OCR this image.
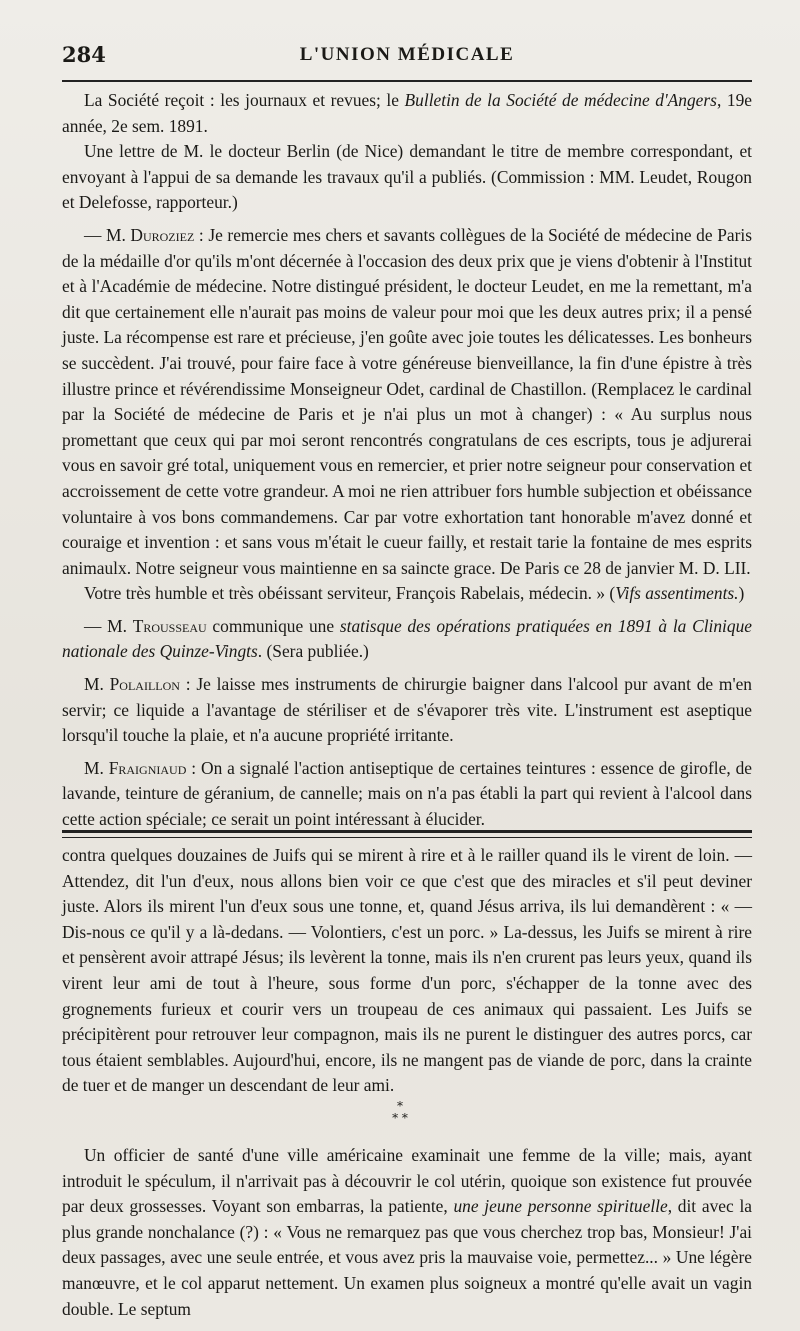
284	L'UNION MÉDICALE

La Société reçoit : les journaux et revues; le Bulletin de la Société de médecine d'Angers, 19e année, 2e sem. 1891.

Une lettre de M. le docteur Berlin (de Nice) demandant le titre de membre correspondant, et envoyant à l'appui de sa demande les travaux qu'il a publiés. (Commission : MM. Leudet, Rougon et Delefosse, rapporteur.)

— M. Duroziez : Je remercie mes chers et savants collègues de la Société de médecine de Paris de la médaille d'or qu'ils m'ont décernée à l'occasion des deux prix que je viens d'obtenir à l'Institut et à l'Académie de médecine. Notre distingué président, le docteur Leudet, en me la remettant, m'a dit que certainement elle n'aurait pas moins de valeur pour moi que les deux autres prix; il a pensé juste. La récompense est rare et précieuse, j'en goûte avec joie toutes les délicatesses. Les bonheurs se succèdent. J'ai trouvé, pour faire face à votre généreuse bienveillance, la fin d'une épistre à très illustre prince et révérendissime Monseigneur Odet, cardinal de Chastillon. (Remplacez le cardinal par la Société de médecine de Paris et je n'ai plus un mot à changer) : « Au surplus nous promettant que ceux qui par moi seront rencontrés congratulans de ces escripts, tous je adjurerai vous en savoir gré total, uniquement vous en remercier, et prier notre seigneur pour conservation et accroissement de cette votre grandeur. A moi ne rien attribuer fors humble subjection et obéissance voluntaire à vos bons commandemens. Car par votre exhortation tant honorable m'avez donné et couraige et invention : et sans vous m'était le cueur failly, et restait tarie la fontaine de mes esprits animaulx. Notre seigneur vous maintienne en sa saincte grace. De Paris ce 28 de janvier M. D. LII.

Votre très humble et très obéissant serviteur, François Rabelais, médecin. » (Vifs assentiments.)

— M. Trousseau communique une statisque des opérations pratiquées en 1891 à la Clinique nationale des Quinze-Vingts. (Sera publiée.)

M. Polaillon : Je laisse mes instruments de chirurgie baigner dans l'alcool pur avant de m'en servir; ce liquide a l'avantage de stériliser et de s'évaporer très vite. L'instrument est aseptique lorsqu'il touche la plaie, et n'a aucune propriété irritante.

M. Fraigniaud : On a signalé l'action antiseptique de certaines teintures : essence de girofle, de lavande, teinture de géranium, de cannelle; mais on n'a pas établi la part qui revient à l'alcool dans cette action spéciale; ce serait un point intéressant à élucider.

contra quelques douzaines de Juifs qui se mirent à rire et à le railler quand ils le virent de loin. — Attendez, dit l'un d'eux, nous allons bien voir ce que c'est que des miracles et s'il peut deviner juste. Alors ils mirent l'un d'eux sous une tonne, et, quand Jésus arriva, ils lui demandèrent : « — Dis-nous ce qu'il y a là-dedans. — Volontiers, c'est un porc. » La-dessus, les Juifs se mirent à rire et pensèrent avoir attrapé Jésus; ils levèrent la tonne, mais ils n'en crurent pas leurs yeux, quand ils virent leur ami de tout à l'heure, sous forme d'un porc, s'échapper de la tonne avec des grognements furieux et courir vers un troupeau de ces animaux qui passaient. Les Juifs se précipitèrent pour retrouver leur compagnon, mais ils ne purent le distinguer des autres porcs, car tous étaient semblables. Aujourd'hui, encore, ils ne mangent pas de viande de porc, dans la crainte de tuer et de manger un descendant de leur ami.

*
* *

Un officier de santé d'une ville américaine examinait une femme de la ville; mais, ayant introduit le spéculum, il n'arrivait pas à découvrir le col utérin, quoique son existence fut prouvée par deux grossesses. Voyant son embarras, la patiente, une jeune personne spirituelle, dit avec la plus grande nonchalance (?) : « Vous ne remarquez pas que vous cherchez trop bas, Monsieur! J'ai deux passages, avec une seule entrée, et vous avez pris la mauvaise voie, permettez... » Une légère manœuvre, et le col apparut nettement. Un examen plus soigneux a montré qu'elle avait un vagin double. Le septum
